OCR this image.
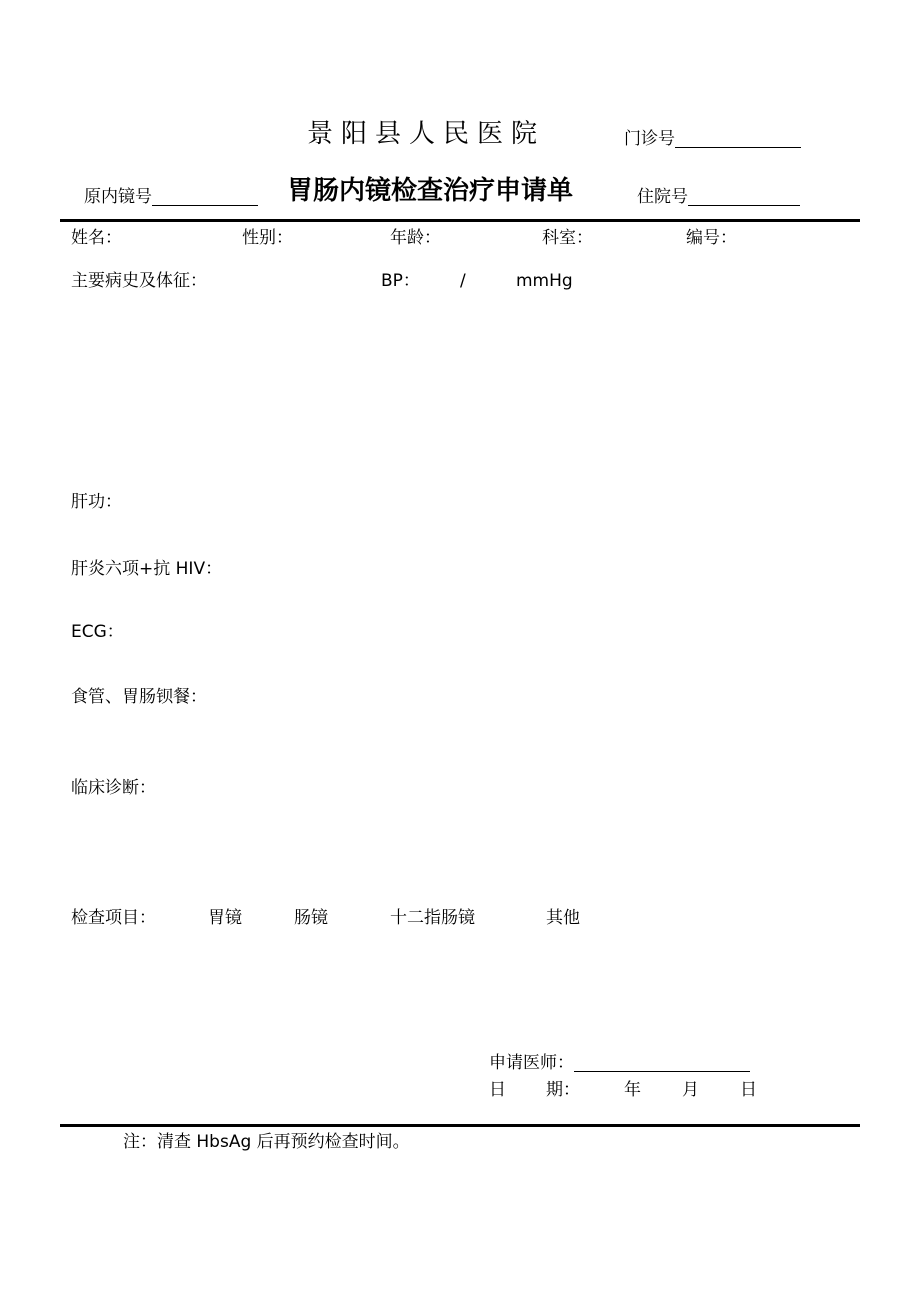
景阳县人民医院	门诊号
原内镜号	胃肠内镜检查治疗申请单	住院号
姓名：	性别：	年龄：	科室：	编号：
主要病史及体征：	BP： /	mmHg
肝功：
肝炎六项+抗 HIV：
ECG：
食管、胃肠钡餐：
临床诊断：
检查项目：	胃镜	肠镜	十二指肠镜	其他
申请医师：
日 期：	年 月 日
注：清查 HbsAg 后再预约检查时间。
